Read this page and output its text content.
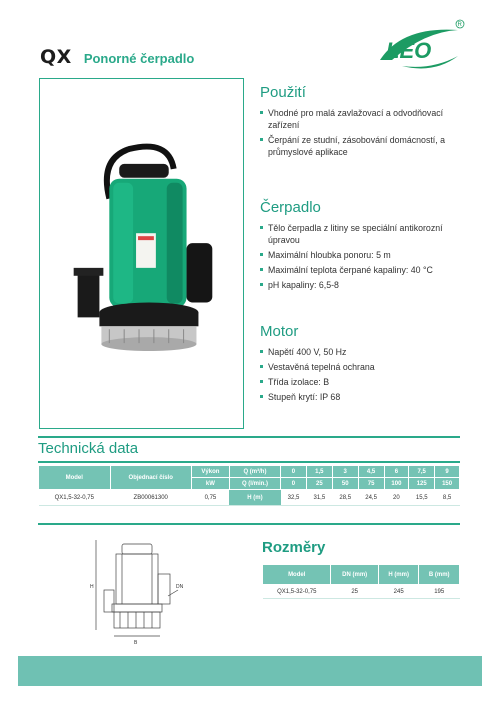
QX Ponorné čerpadlo	LEO
R
Použití
Vhodné pro malá zavlažovací a odvodňovací zařízení
Čerpání ze studní, zásobování domácností, a průmyslové aplikace
Čerpadlo
Tělo čerpadla z litiny se speciální antikorozní úpravou
Maximální hloubka ponoru: 5 m
Maximální teplota čerpané kapaliny: 40 °C
pH kapaliny: 6,5-8
Motor
Napětí 400 V, 50 Hz
Vestavěná tepelná ochrana
Třída izolace: B
Stupeň krytí: IP 68
Technická data
Model	Objednací číslo	Výkon	Q (m³/h)	0	1,5	3	4,5	6	7,5	9
		kW	Q (l/min.)	0	25	50	75	100	125	150
QX1,5-32-0,75	ZB00061300	0,75	H (m)	32,5	31,5	28,5	24,5	20	15,5	8,5
H
B
DN
Rozměry
Model	DN (mm)	H (mm)	B (mm)
QX1,5-32-0,75	25	245	195
